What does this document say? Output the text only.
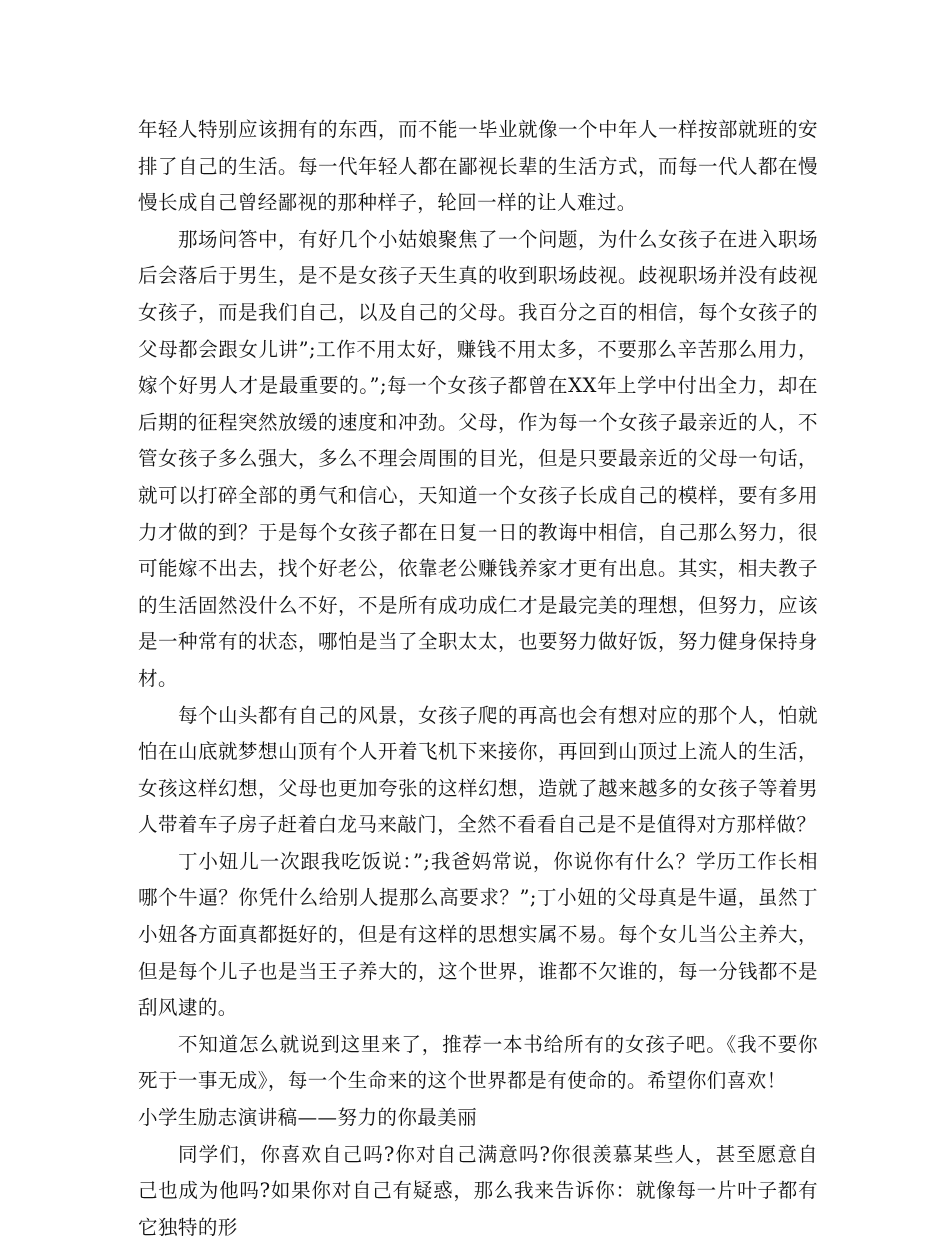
年轻人特别应该拥有的东西，而不能一毕业就像一个中年人一样按部就班的安排了自己的生活。每一代年轻人都在鄙视长辈的生活方式，而每一代人都在慢慢长成自己曾经鄙视的那种样子，轮回一样的让人难过。

那场问答中，有好几个小姑娘聚焦了一个问题，为什么女孩子在进入职场后会落后于男生，是不是女孩子天生真的收到职场歧视。歧视职场并没有歧视女孩子，而是我们自己，以及自己的父母。我百分之百的相信，每个女孩子的父母都会跟女儿讲”;工作不用太好，赚钱不用太多，不要那么辛苦那么用力，嫁个好男人才是最重要的。”;每一个女孩子都曾在XX年上学中付出全力，却在后期的征程突然放缓的速度和冲劲。父母，作为每一个女孩子最亲近的人，不管女孩子多么强大，多么不理会周围的目光，但是只要最亲近的父母一句话，就可以打碎全部的勇气和信心，天知道一个女孩子长成自己的模样，要有多用力才做的到？于是每个女孩子都在日复一日的教诲中相信，自己那么努力，很可能嫁不出去，找个好老公，依靠老公赚钱养家才更有出息。其实，相夫教子的生活固然没什么不好，不是所有成功成仁才是最完美的理想，但努力，应该是一种常有的状态，哪怕是当了全职太太，也要努力做好饭，努力健身保持身材。

每个山头都有自己的风景，女孩子爬的再高也会有想对应的那个人，怕就怕在山底就梦想山顶有个人开着飞机下来接你，再回到山顶过上流人的生活，女孩这样幻想，父母也更加夸张的这样幻想，造就了越来越多的女孩子等着男人带着车子房子赶着白龙马来敲门，全然不看看自己是不是值得对方那样做？

丁小妞儿一次跟我吃饭说：”;我爸妈常说，你说你有什么？学历工作长相哪个牛逼？你凭什么给别人提那么高要求？”;丁小妞的父母真是牛逼，虽然丁小妞各方面真都挺好的，但是有这样的思想实属不易。每个女儿当公主养大，但是每个儿子也是当王子养大的，这个世界，谁都不欠谁的，每一分钱都不是刮风逮的。

不知道怎么就说到这里来了，推荐一本书给所有的女孩子吧。《我不要你死于一事无成》，每一个生命来的这个世界都是有使命的。希望你们喜欢！

小学生励志演讲稿——努力的你最美丽

同学们，你喜欢自己吗?你对自己满意吗?你很羡慕某些人，甚至愿意自己也成为他吗?如果你对自己有疑惑，那么我来告诉你：就像每一片叶子都有它独特的形
